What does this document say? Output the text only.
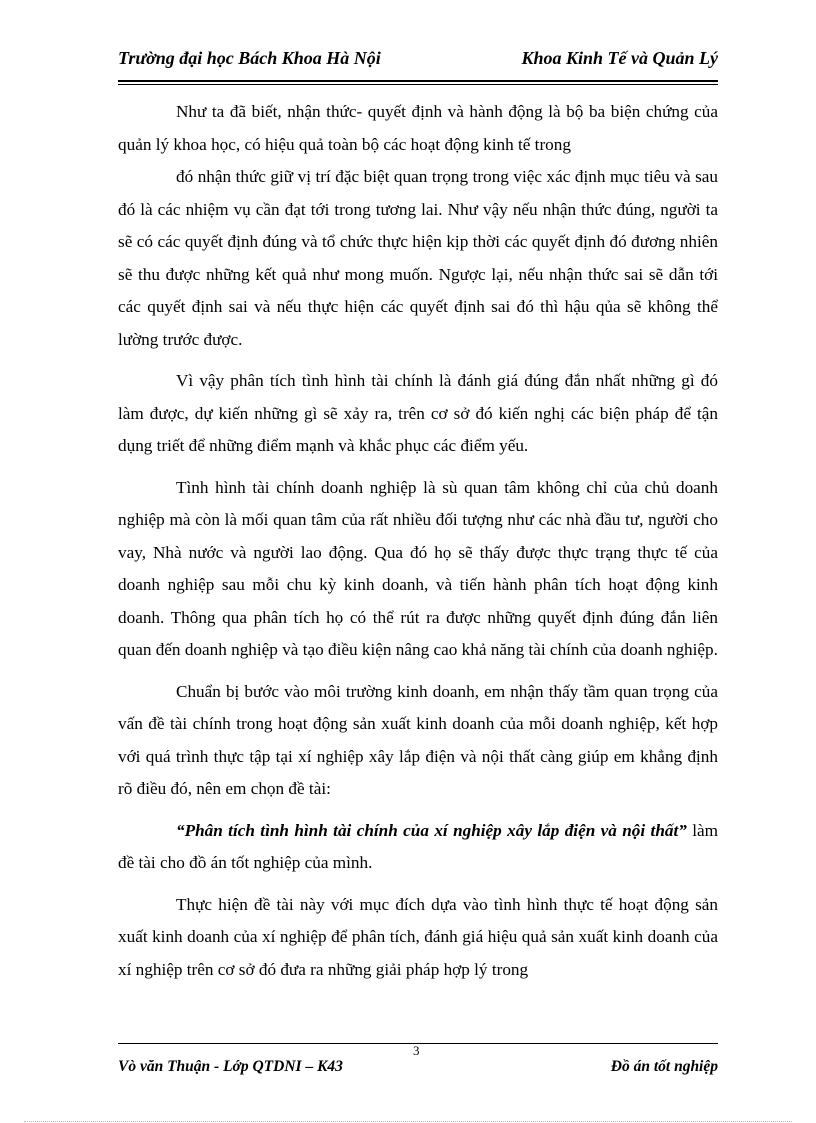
Trường đại học Bách Khoa Hà Nội	Khoa Kinh Tế và Quản Lý

Như ta đã biết, nhận thức- quyết định và hành động là bộ ba biện chứng của quản lý khoa học, có hiệu quả toàn bộ các hoạt động kinh tế trong

đó nhận thức giữ vị trí đặc biệt quan trọng trong việc xác định mục tiêu và sau đó là các nhiệm vụ cần đạt tới trong tương lai. Như vậy nếu nhận thức đúng, người ta sẽ có các quyết định đúng và tổ chức thực hiện kịp thời các quyết định đó đương nhiên sẽ thu được những kết quả như mong muốn. Ngược lại, nếu nhận thức sai sẽ dẫn tới các quyết định sai và nếu thực hiện các quyết định sai đó thì hậu qủa sẽ không thể lường trước được.

Vì vậy phân tích tình hình tài chính là đánh giá đúng đắn nhất những gì đó làm được, dự kiến những gì sẽ xảy ra, trên cơ sở đó kiến nghị các biện pháp để tận dụng triết để những điểm mạnh và khắc phục các điểm yếu.

Tình hình tài chính doanh nghiệp là sù quan tâm không chỉ của chủ doanh nghiệp mà còn là mối quan tâm của rất nhiều đối tượng như các nhà đầu tư, người cho vay, Nhà nước và người lao động. Qua đó họ sẽ thấy được thực trạng thực tế của doanh nghiệp sau mỗi chu kỳ kinh doanh, và tiến hành phân tích hoạt động kinh doanh. Thông qua phân tích họ có thể rút ra được những quyết định đúng đắn liên quan đến doanh nghiệp và tạo điều kiện nâng cao khả năng tài chính của doanh nghiệp.

Chuẩn bị bước vào môi trường kinh doanh, em nhận thấy tầm quan trọng của vấn đề tài chính trong hoạt động sản xuất kinh doanh của mỗi doanh nghiệp, kết hợp với quá trình thực tập tại xí nghiệp xây lắp điện và nội thất càng giúp em khẳng định rõ điều đó, nên em chọn đề tài:

“Phân tích tình hình tài chính của xí nghiệp xây lắp điện và nội thất” làm đề tài cho đồ án tốt nghiệp của mình.

Thực hiện đề tài này với mục đích dựa vào tình hình thực tế hoạt động sản xuất kinh doanh của xí nghiệp để phân tích, đánh giá hiệu quả sản xuất kinh doanh của xí nghiệp trên cơ sở đó đưa ra những giải pháp hợp lý trong

3
Vò văn Thuận - Lớp QTDNI – K43	Đồ án tốt nghiệp
